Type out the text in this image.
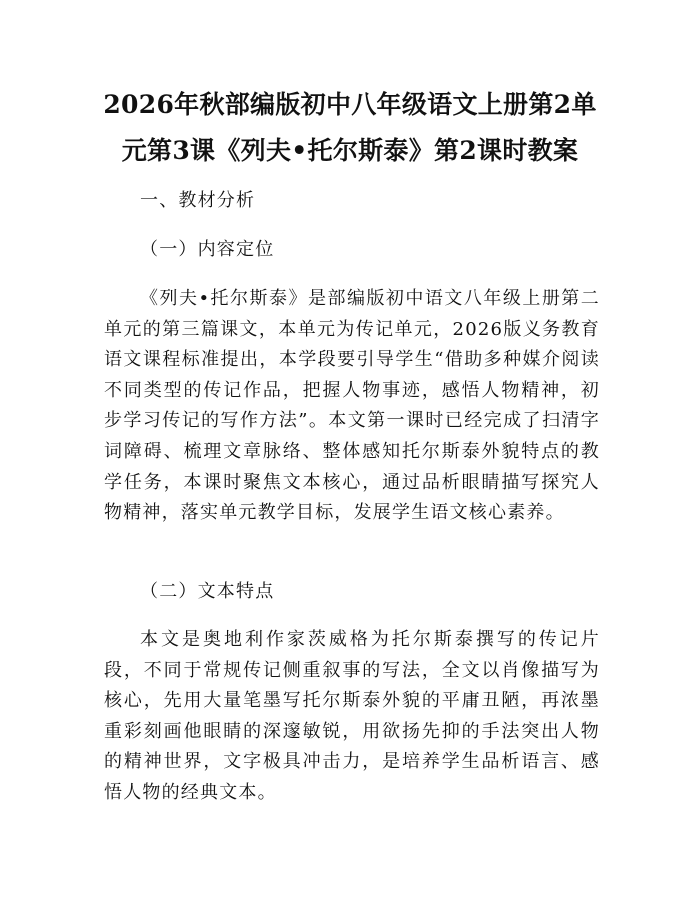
2026年秋部编版初中八年级语文上册第2单元第3课《列夫•托尔斯泰》第2课时教案

一、教材分析

（一）内容定位

《列夫•托尔斯泰》是部编版初中语文八年级上册第二单元的第三篇课文，本单元为传记单元，2026版义务教育语文课程标准提出，本学段要引导学生“借助多种媒介阅读不同类型的传记作品，把握人物事迹，感悟人物精神，初步学习传记的写作方法”。本文第一课时已经完成了扫清字词障碍、梳理文章脉络、整体感知托尔斯泰外貌特点的教学任务，本课时聚焦文本核心，通过品析眼睛描写探究人物精神，落实单元教学目标，发展学生语文核心素养。

（二）文本特点

本文是奥地利作家茨威格为托尔斯泰撰写的传记片段，不同于常规传记侧重叙事的写法，全文以肖像描写为核心，先用大量笔墨写托尔斯泰外貌的平庸丑陋，再浓墨重彩刻画他眼睛的深邃敏锐，用欲扬先抑的手法突出人物的精神世界，文字极具冲击力，是培养学生品析语言、感悟人物的经典文本。
